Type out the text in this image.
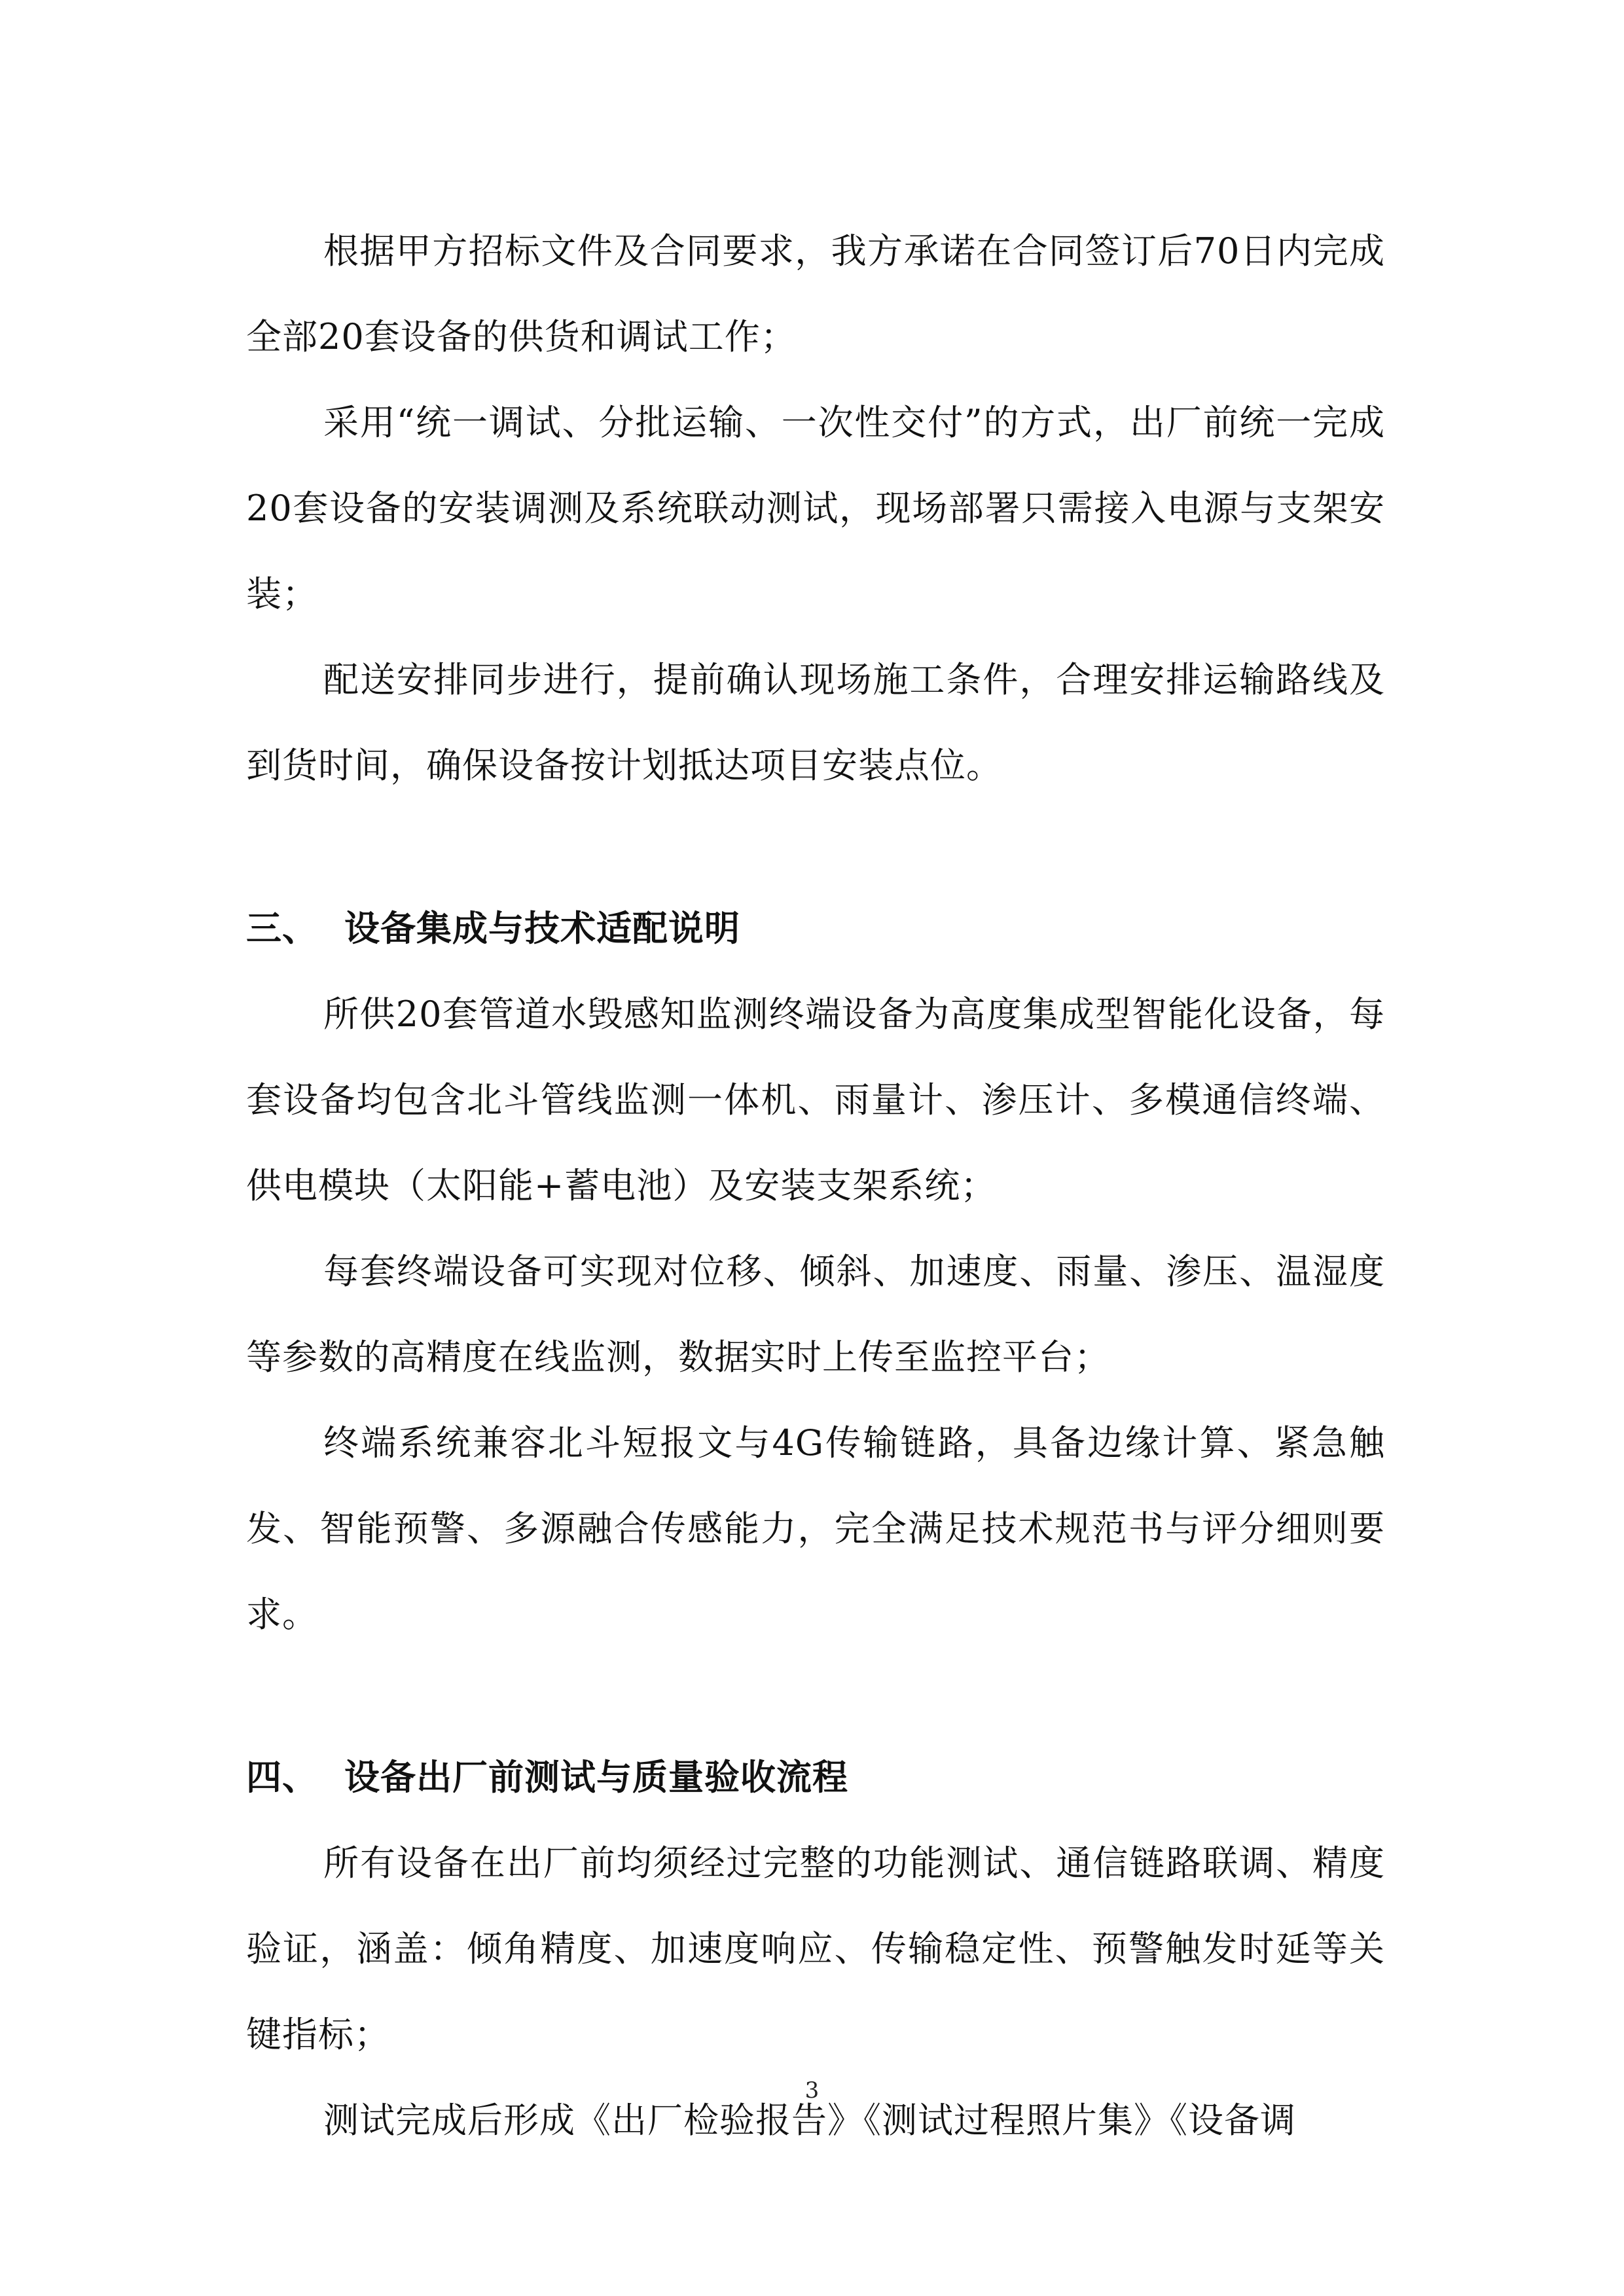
根据甲方招标文件及合同要求，我方承诺在合同签订后70日内完成全部20套设备的供货和调试工作；

采用“统一调试、分批运输、一次性交付”的方式，出厂前统一完成20套设备的安装调测及系统联动测试，现场部署只需接入电源与支架安装；

配送安排同步进行，提前确认现场施工条件，合理安排运输路线及到货时间，确保设备按计划抵达项目安装点位。

三、 设备集成与技术适配说明

所供20套管道水毁感知监测终端设备为高度集成型智能化设备，每套设备均包含北斗管线监测一体机、雨量计、渗压计、多模通信终端、供电模块（太阳能+蓄电池）及安装支架系统；

每套终端设备可实现对位移、倾斜、加速度、雨量、渗压、温湿度等参数的高精度在线监测，数据实时上传至监控平台；

终端系统兼容北斗短报文与4G传输链路，具备边缘计算、紧急触发、智能预警、多源融合传感能力，完全满足技术规范书与评分细则要求。

四、 设备出厂前测试与质量验收流程

所有设备在出厂前均须经过完整的功能测试、通信链路联调、精度验证，涵盖：倾角精度、加速度响应、传输稳定性、预警触发时延等关键指标；

测试完成后形成《出厂检验报告》《测试过程照片集》《设备调

3
